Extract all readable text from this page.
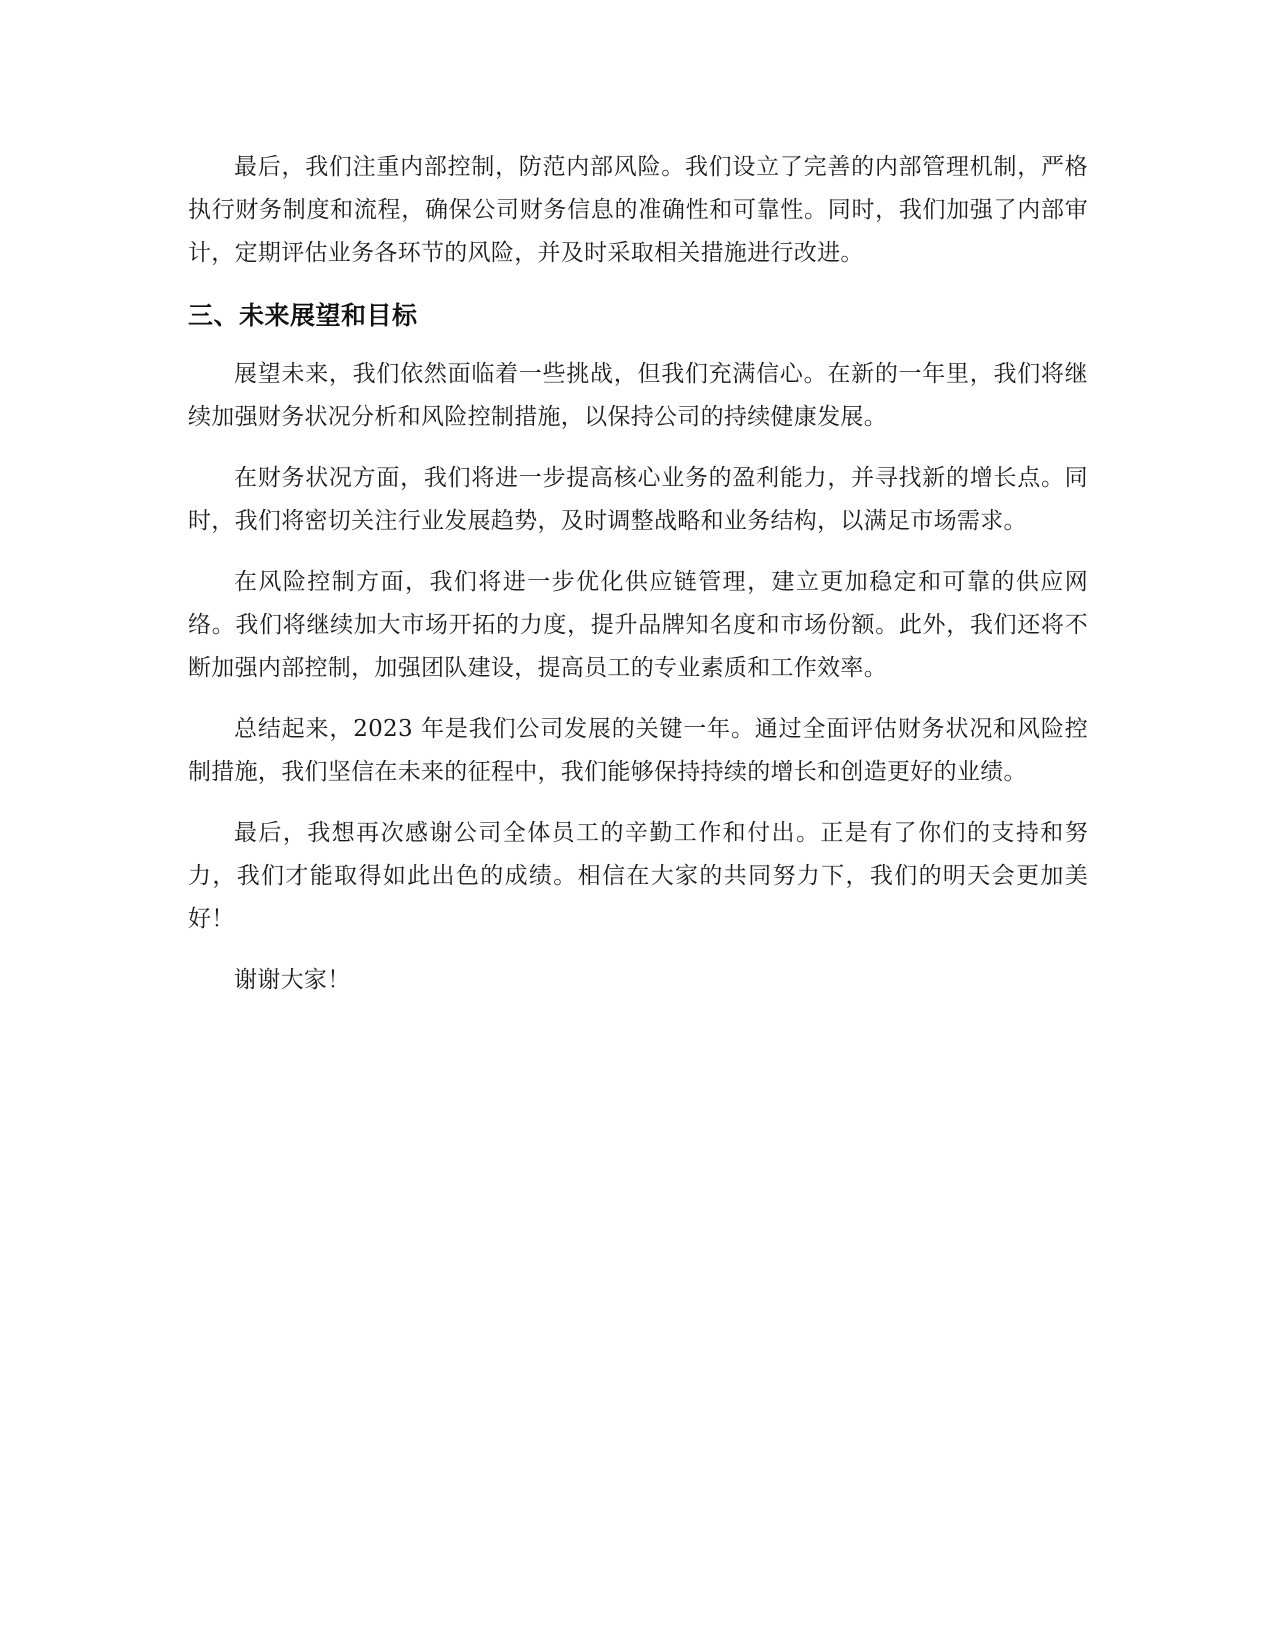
最后，我们注重内部控制，防范内部风险。我们设立了完善的内部管理机制，严格执行财务制度和流程，确保公司财务信息的准确性和可靠性。同时，我们加强了内部审计，定期评估业务各环节的风险，并及时采取相关措施进行改进。

三、未来展望和目标

展望未来，我们依然面临着一些挑战，但我们充满信心。在新的一年里，我们将继续加强财务状况分析和风险控制措施，以保持公司的持续健康发展。

在财务状况方面，我们将进一步提高核心业务的盈利能力，并寻找新的增长点。同时，我们将密切关注行业发展趋势，及时调整战略和业务结构，以满足市场需求。

在风险控制方面，我们将进一步优化供应链管理，建立更加稳定和可靠的供应网络。我们将继续加大市场开拓的力度，提升品牌知名度和市场份额。此外，我们还将不断加强内部控制，加强团队建设，提高员工的专业素质和工作效率。

总结起来，2023 年是我们公司发展的关键一年。通过全面评估财务状况和风险控制措施，我们坚信在未来的征程中，我们能够保持持续的增长和创造更好的业绩。

最后，我想再次感谢公司全体员工的辛勤工作和付出。正是有了你们的支持和努力，我们才能取得如此出色的成绩。相信在大家的共同努力下，我们的明天会更加美好！

谢谢大家！
